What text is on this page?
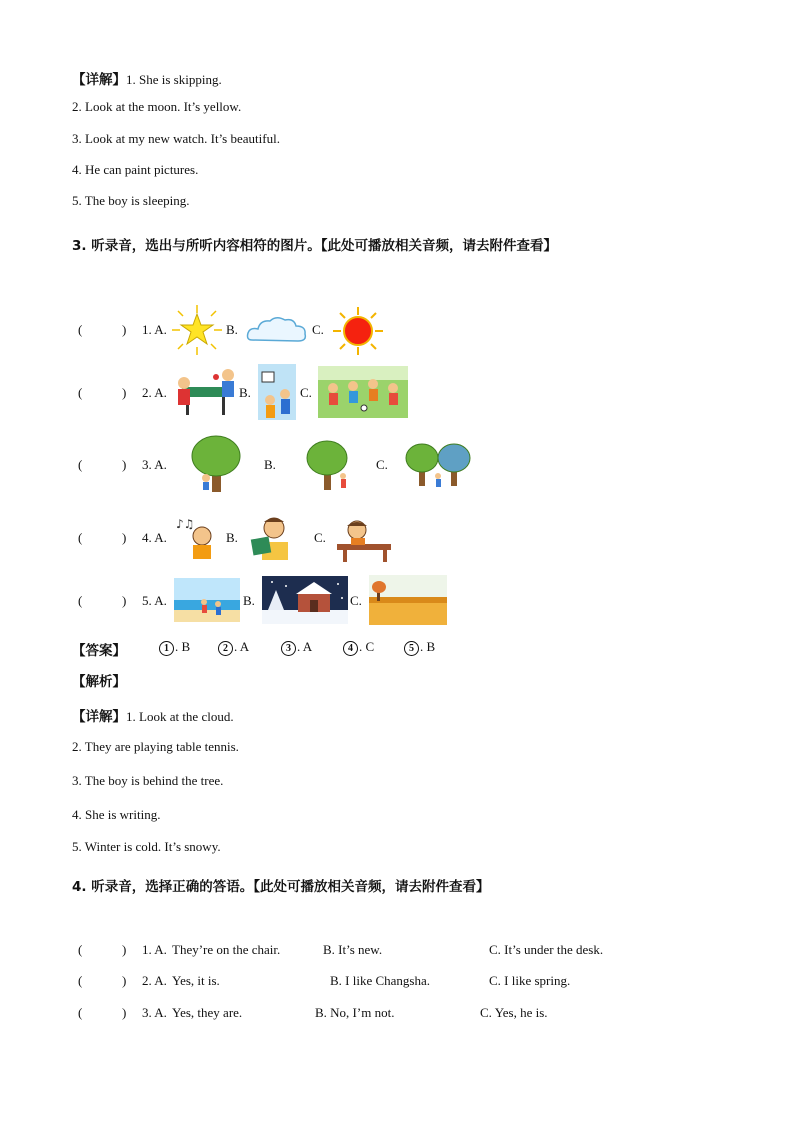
【详解】1. She is skipping.
2. Look at the moon. It’s yellow.
3. Look at my new watch. It’s beautiful.
4. He can paint pictures.
5. The boy is sleeping.
3. 听录音，选出与所听内容相符的图片。【此处可播放相关音频，请去附件查看】
(	) 1. A.	B.	C.
(	) 2. A.	B.	C.
(	) 3. A.	B.	C.
(	) 4. A.	B.	C.
♪♫
(	) 5. A.	B.	C.
【答案】	1 . B	2 . A	3 . A	4 . C	5 . B
【解析】
【详解】1. Look at the cloud.
2. They are playing table tennis.
3. The boy is behind the tree.
4. She is writing.
5. Winter is cold. It’s snowy.
4. 听录音，选择正确的答语。【此处可播放相关音频，请去附件查看】
(	) 1. A. They’re on the chair.	B. It’s new.	C. It’s under the desk.
(	) 2. A. Yes, it is.	B. I like Changsha.	C. I like spring.
(	) 3. A. Yes, they are.	B. No, I’m not.	C. Yes, he is.
